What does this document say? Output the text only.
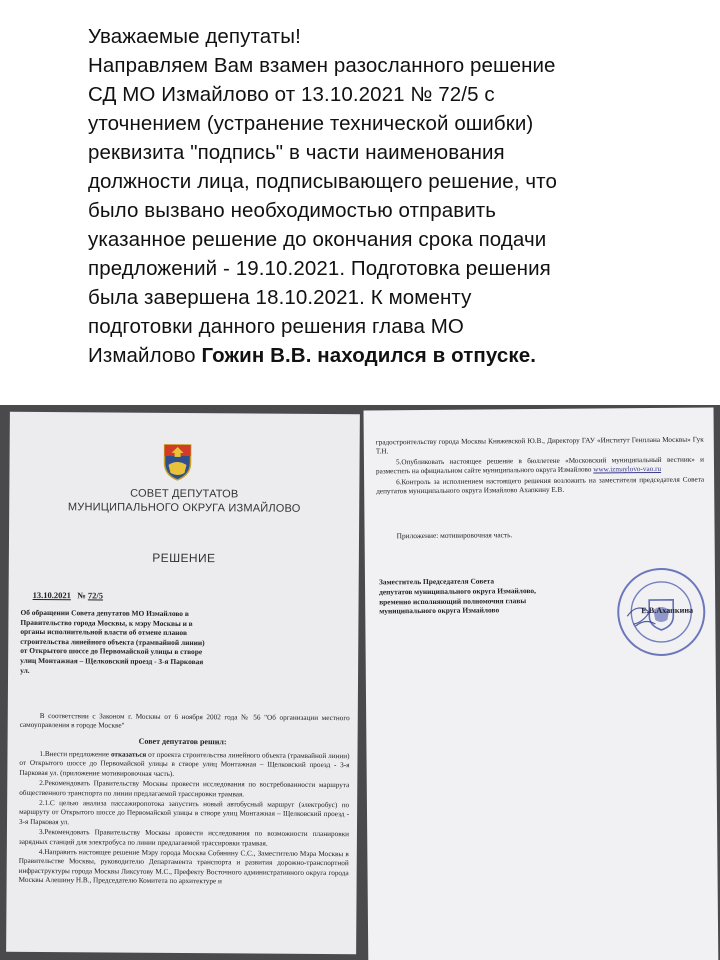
Уважаемые депутаты!

Направляем Вам взамен разосланного решение

СД МО Измайлово от 13.10.2021 № 72/5 с

уточнением (устранение технической ошибки)

реквизита "подпись" в части наименования

должности лица, подписывающего решение, что

было вызвано необходимостью отправить

указанное решение до окончания срока подачи

предложений - 19.10.2021. Подготовка решения

была завершена 18.10.2021. К моменту

подготовки данного решения глава МО

Измайлово Гожин В.В. находился в отпуске.

СОВЕТ ДЕПУТАТОВ
МУНИЦИПАЛЬНОГО ОКРУГА ИЗМАЙЛОВО
РЕШЕНИЕ
13.10.2021 № 72/5
Об обращении Совета депутатов МО Измайлово в Правительство города Москвы, к мэру Москвы и в органы исполнительной власти об отмене планов строительства линейного объекта (трамвайной линии) от Открытого шоссе до Первомайской улицы в створе улиц Монтажная – Щелковский проезд - 3-я Парковая ул.

В соответствии с Законом г. Москвы от 6 ноября 2002 года № 56 "Об организации местного самоуправления в городе Москве"

Совет депутатов решил:

1.Внести предложение отказаться от проекта строительства линейного объекта (трамвайной линии) от Открытого шоссе до Первомайской улицы в створе улиц Монтажная – Щелковский проезд - 3-я Парковая ул. (приложение мотивировочная часть).

2.Рекомендовать Правительству Москвы провести исследования по востребованности маршрута общественного транспорта по линии предлагаемой трассировки трамвая.

2.1.С целью анализа пассажиропотока запустить новый автобусный маршрут (электробус) по маршруту от Открытого шоссе до Первомайской улицы в створе улиц Монтажная – Щелковский проезд - 3-я Парковая ул.

3.Рекомендовать Правительству Москвы провести исследования по возможности планировки зарядных станций для электробуса по линии предлагаемой трассировки трамвая.

4.Направить настоящее решение Мэру города Москва Собянину С.С., Заместителю Мэра Москвы в Правительстве Москвы, руководителю Департамента транспорта и развития дорожно-транспортной инфраструктуры города Москвы Ликсутову М.С., Префекту Восточного административного округа города Москвы Алешину Н.В., Председателю Комитета по архитектуре и

градостроительству города Москвы Княжевской Ю.В., Директору ГАУ «Институт Генплана Москвы» Гук Т.Н.

5.Опубликовать настоящее решение в бюллетене «Московский муниципальный вестник» и разместить на официальном сайте муниципального округа Измайлово www.izmaylovo-vao.ru

6.Контроль за исполнением настоящего решения возложить на заместителя председателя Совета депутатов муниципального округа Измайлово Ахапкину Е.В.

Приложение: мотивировочная часть.
Заместитель Председателя Совета
депутатов муниципального округа Измайлово,
временно исполняющий полномочия главы
муниципального округа Измайлово	Е.В.Ахапкина
